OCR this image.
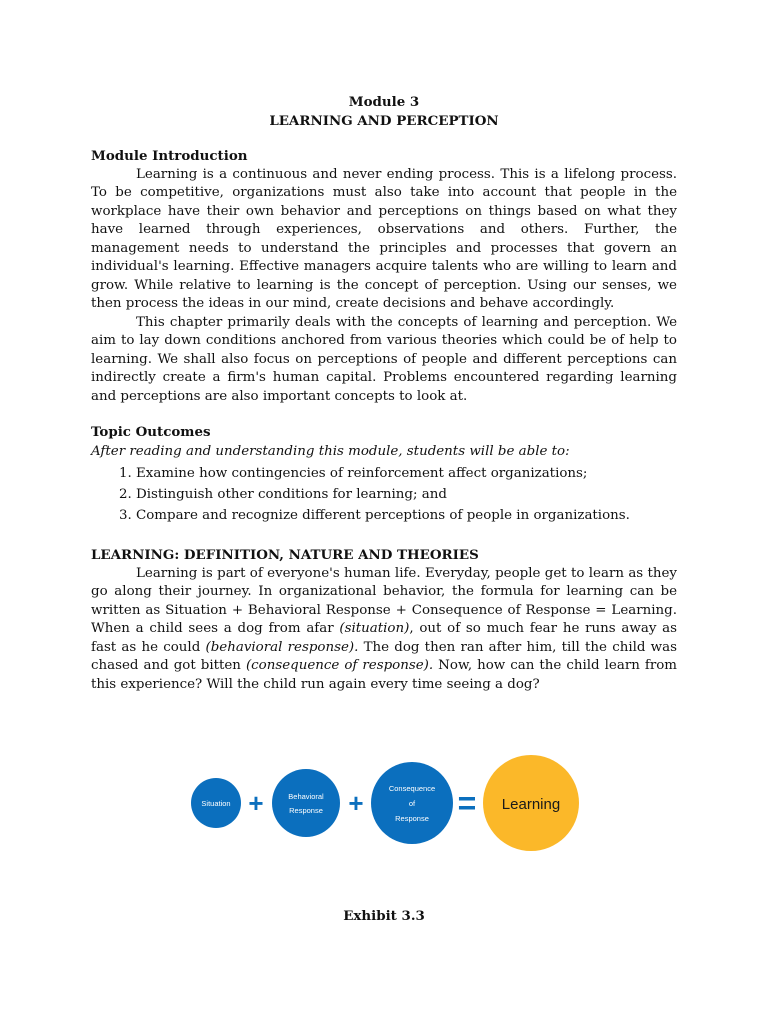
Module 3
LEARNING AND PERCEPTION
Module Introduction

Learning is a continuous and never ending process. This is a lifelong process. To be competitive, organizations must also take into account that people in the workplace have their own behavior and perceptions on things based on what they have learned through experiences, observations and others. Further, the management needs to understand the principles and processes that govern an individual's learning. Effective managers acquire talents who are willing to learn and grow. While relative to learning is the concept of perception. Using our senses, we then process the ideas in our mind, create decisions and behave accordingly.

This chapter primarily deals with the concepts of learning and perception. We aim to lay down conditions anchored from various theories which could be of help to learning. We shall also focus on perceptions of people and different perceptions can indirectly create a firm's human capital. Problems encountered regarding learning and perceptions are also important concepts to look at.

Topic Outcomes
After reading and understanding this module, students will be able to:
1. Examine how contingencies of reinforcement affect organizations;
2. Distinguish other conditions for learning; and
3. Compare and recognize different perceptions of people in organizations.
LEARNING: DEFINITION, NATURE AND THEORIES

Learning is part of everyone's human life. Everyday, people get to learn as they go along their journey. In organizational behavior, the formula for learning can be written as Situation + Behavioral Response + Consequence of Response = Learning. When a child sees a dog from afar (situation), out of so much fear he runs away as fast as he could (behavioral response). The dog then ran after him, till the child was chased and got bitten (consequence of response). Now, how can the child learn from this experience? Will the child run again every time seeing a dog?

Situation +	Behavioral
Response +	Consequence
of
Response = Learning
Exhibit 3.3
